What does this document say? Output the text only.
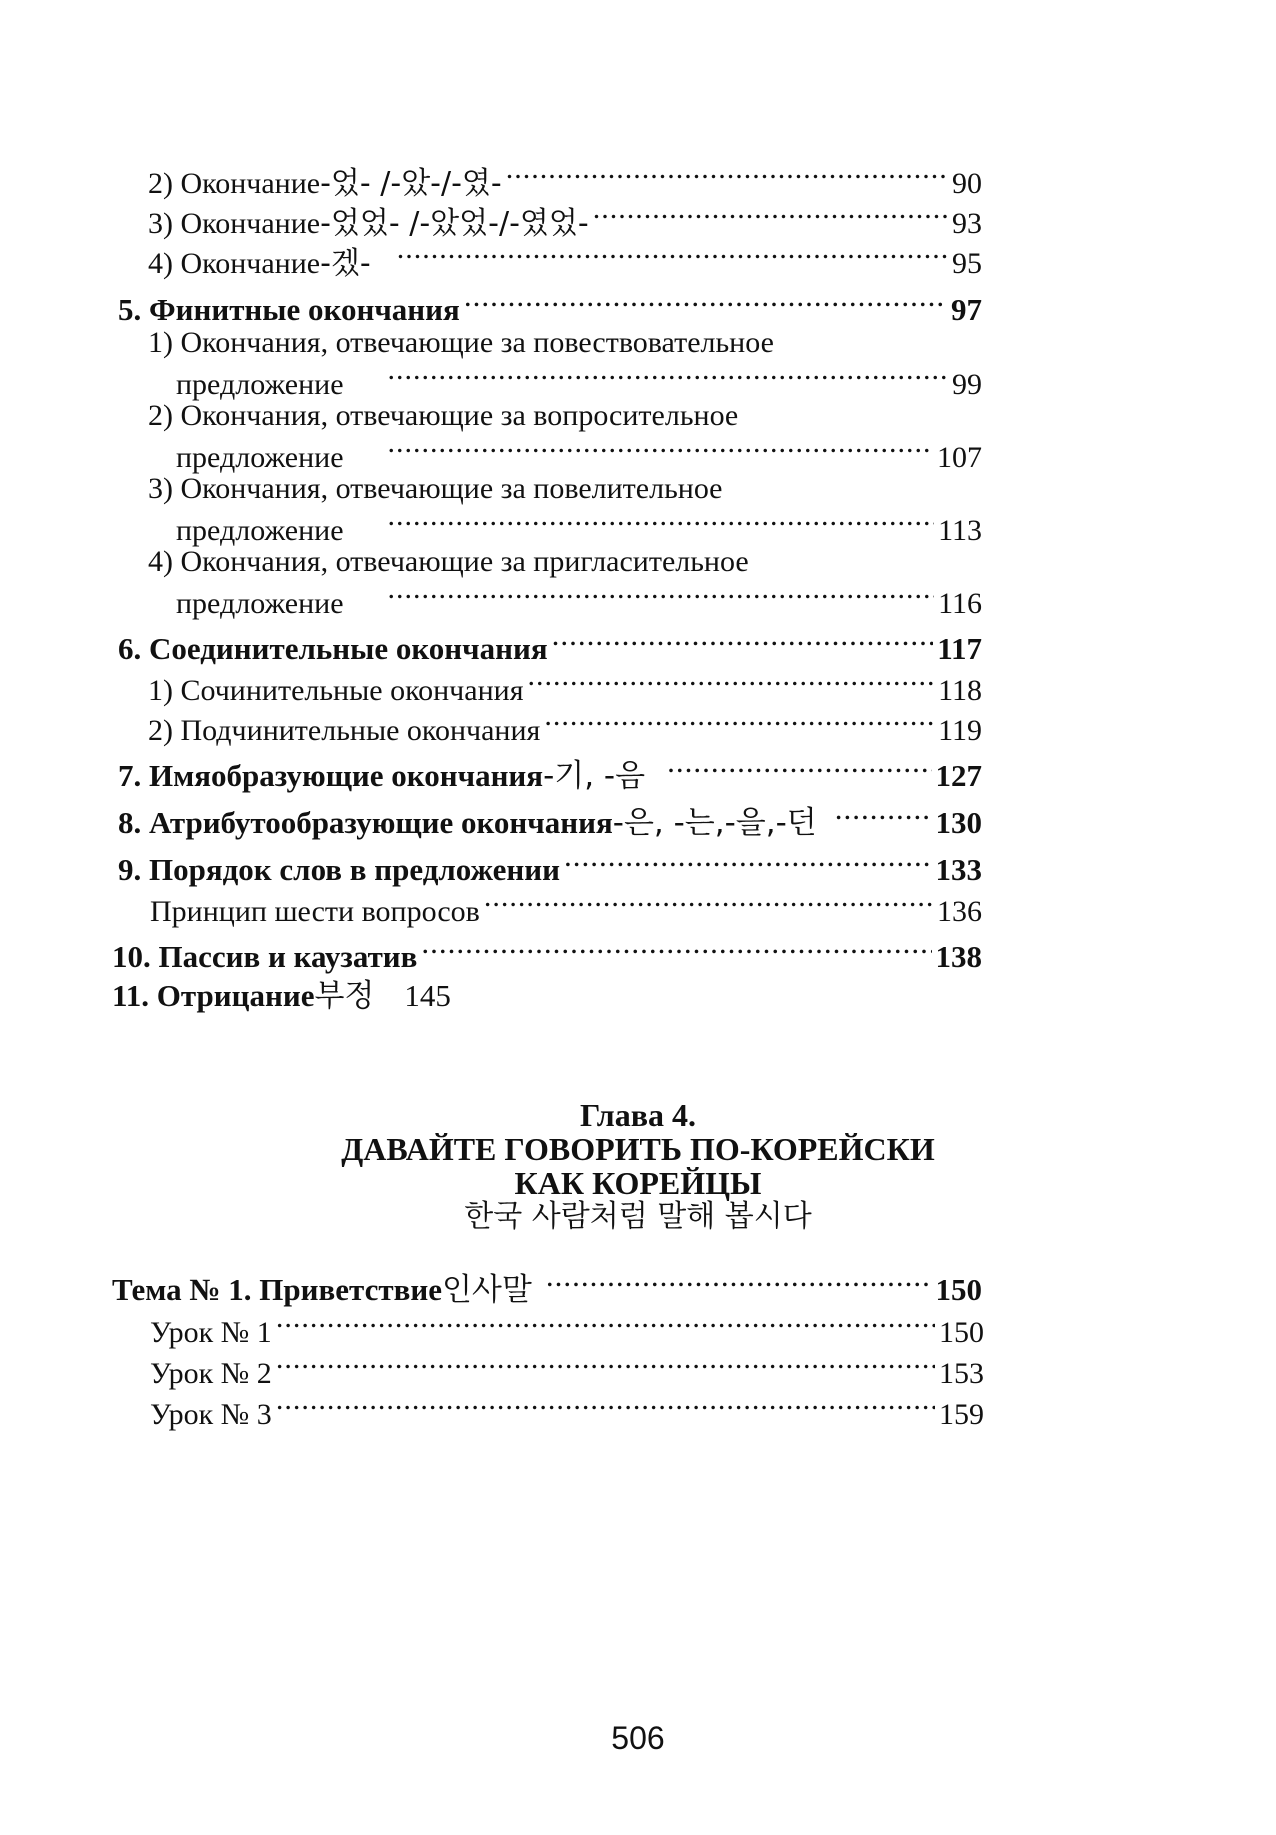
2) Окончание -었- /-았-/-였- .....	90
3) Окончание -었었- /-았었-/-였었- .....	93
4) Окончание -겠- .....	95
5. Финитные окончания .....	97
1) Окончания, отвечающие за повествовательное
предложение .....	99
2) Окончания, отвечающие за вопросительное
предложение .....	107
3) Окончания, отвечающие за повелительное
предложение .....	113
4) Окончания, отвечающие за пригласительное
предложение .....	116
6. Соединительные окончания .....	117
1) Сочинительные окончания .....	118
2) Подчинительные окончания .....	119
7. Имяобразующие окончания -기, -음 .....	127
8. Атрибутообразующие окончания -은, -는,-을,-던 .....	130
9. Порядок слов в предложении .....	133
Принцип шести вопросов .....	136
10. Пассив и каузатив .....	138
11. Отрицание 부정 145
Глава 4.
ДАВАЙТЕ ГОВОРИТЬ ПО-КОРЕЙСКИ
КАК КОРЕЙЦЫ
한국 사람처럼 말해 봅시다
Тема № 1. Приветствие 인사말 .....	150
Урок № 1 .....	150
Урок № 2 .....	153
Урок № 3 .....	159
506
